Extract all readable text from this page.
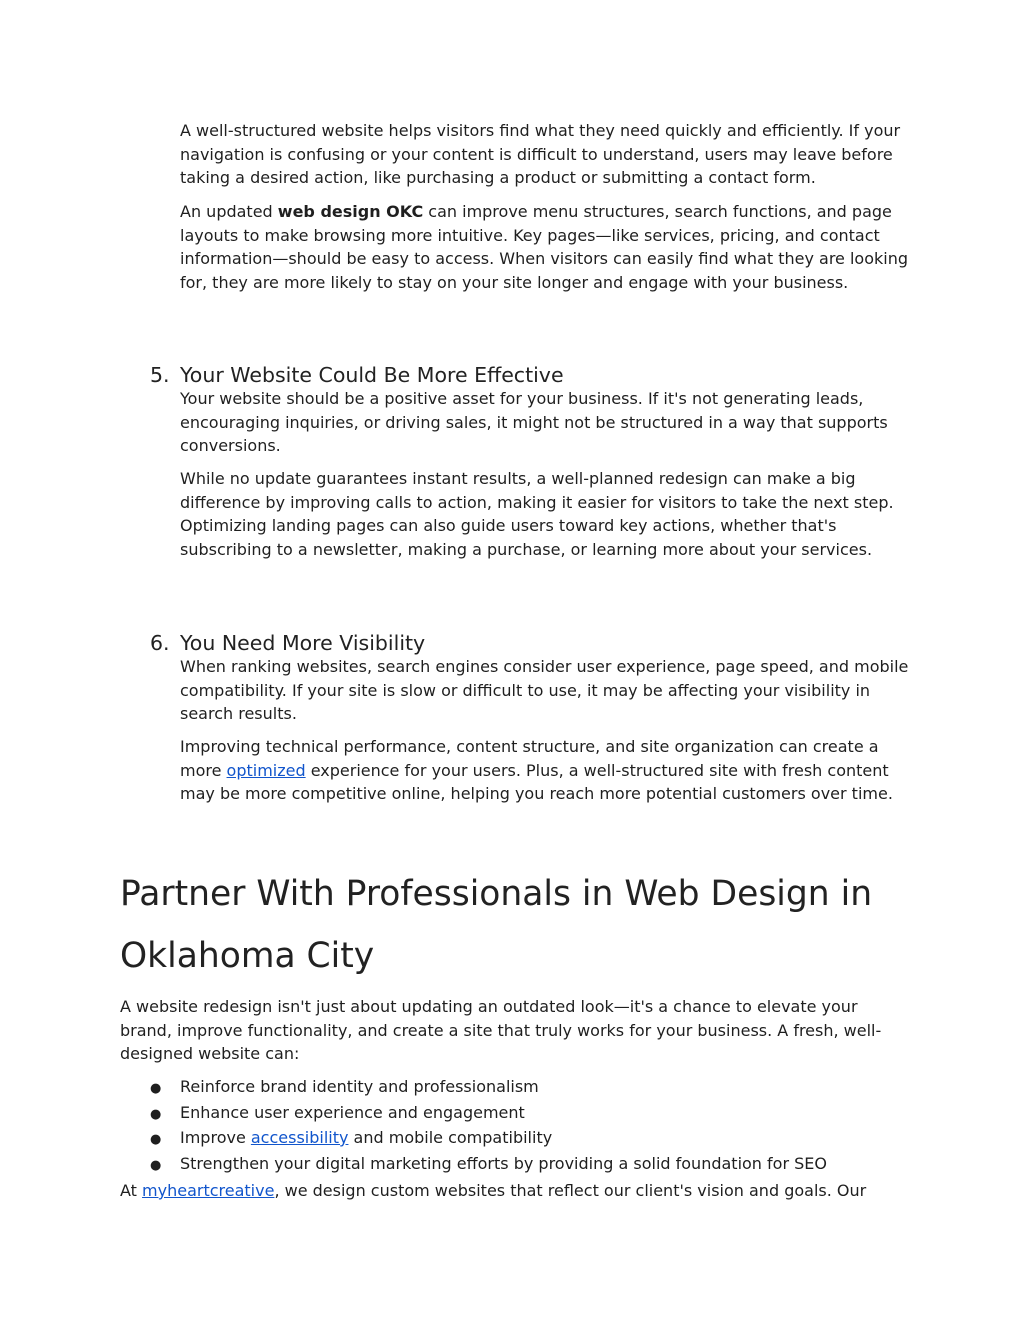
A well-structured website helps visitors find what they need quickly and efficiently. If your navigation is confusing or your content is difficult to understand, users may leave before taking a desired action, like purchasing a product or submitting a contact form.

An updated web design OKC can improve menu structures, search functions, and page layouts to make browsing more intuitive. Key pages—like services, pricing, and contact information—should be easy to access. When visitors can easily find what they are looking for, they are more likely to stay on your site longer and engage with your business.

5. Your Website Could Be More Effective

Your website should be a positive asset for your business. If it's not generating leads, encouraging inquiries, or driving sales, it might not be structured in a way that supports conversions.

While no update guarantees instant results, a well-planned redesign can make a big difference by improving calls to action, making it easier for visitors to take the next step. Optimizing landing pages can also guide users toward key actions, whether that's subscribing to a newsletter, making a purchase, or learning more about your services.

6. You Need More Visibility

When ranking websites, search engines consider user experience, page speed, and mobile compatibility. If your site is slow or difficult to use, it may be affecting your visibility in search results.

Improving technical performance, content structure, and site organization can create a more optimized experience for your users. Plus, a well-structured site with fresh content may be more competitive online, helping you reach more potential customers over time.

Partner With Professionals in Web Design in
Oklahoma City

A website redesign isn't just about updating an outdated look—it's a chance to elevate your brand, improve functionality, and create a site that truly works for your business. A fresh, well-designed website can:

● Reinforce brand identity and professionalism
● Enhance user experience and engagement
● Improve accessibility and mobile compatibility
● Strengthen your digital marketing efforts by providing a solid foundation for SEO

At myheartcreative, we design custom websites that reflect our client's vision and goals. Our
